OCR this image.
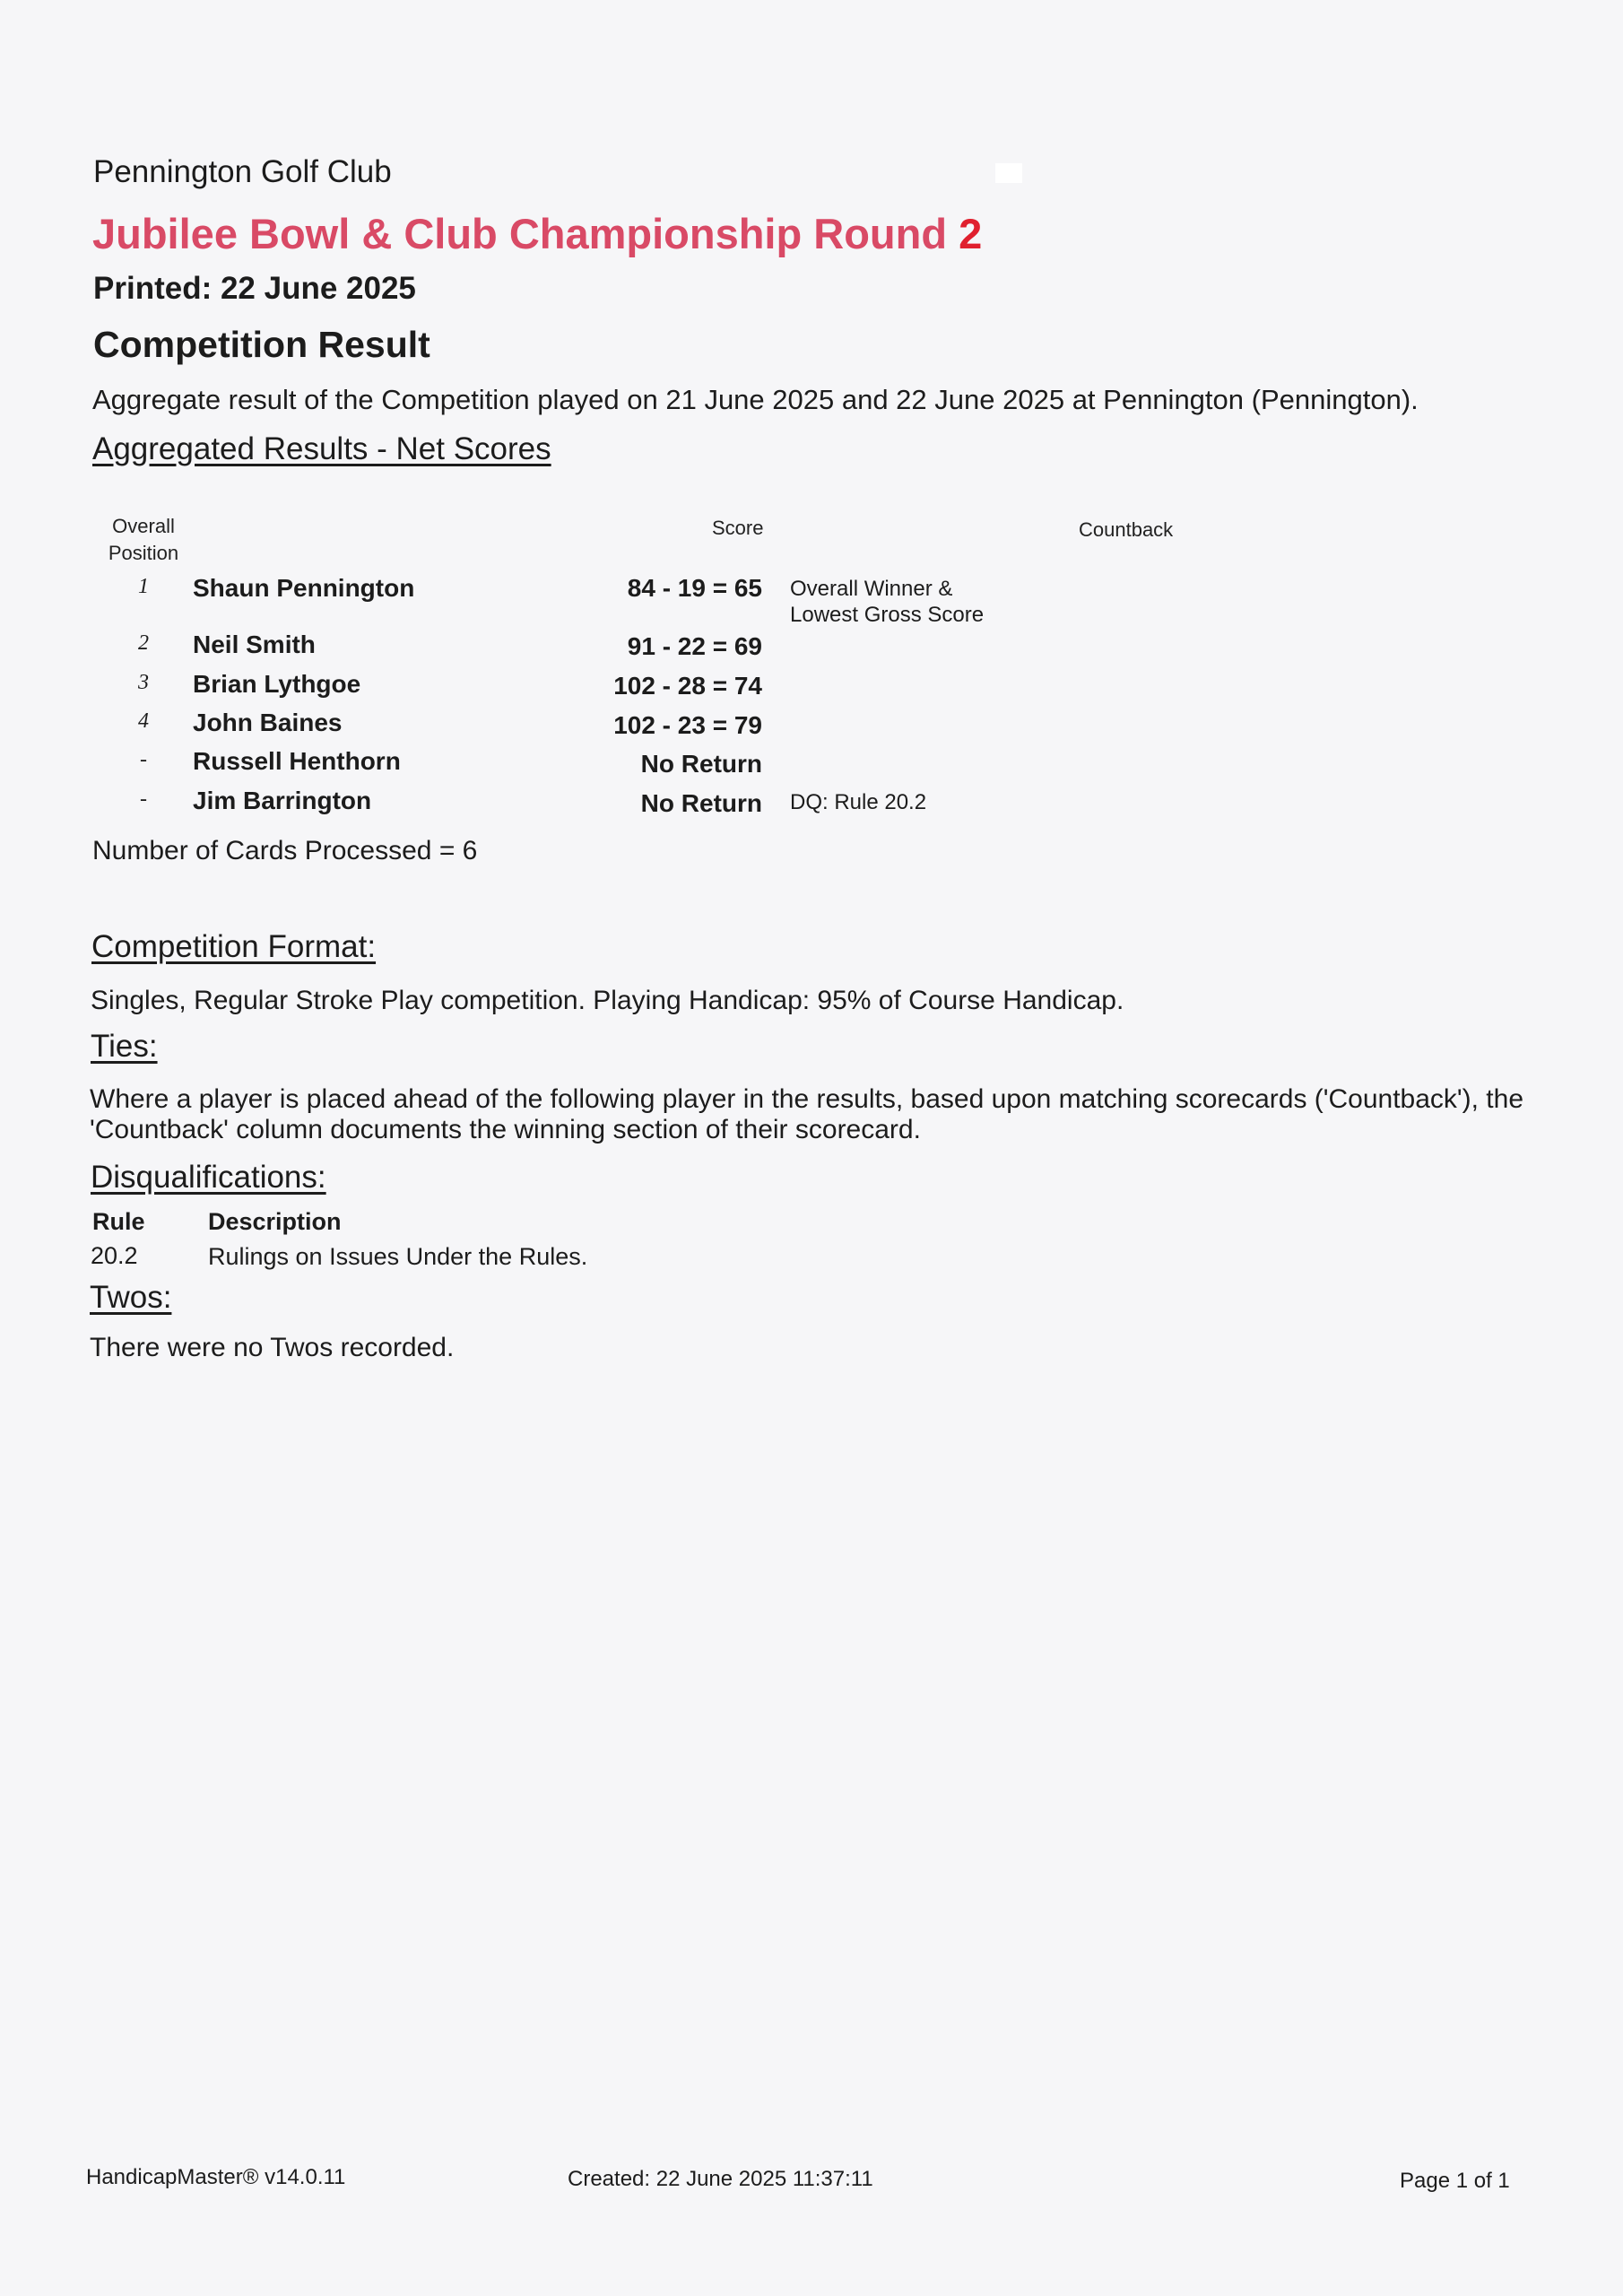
Pennington Golf Club
Jubilee Bowl & Club Championship Round 2
Printed: 22 June 2025
Competition Result
Aggregate result of the Competition played on 21 June 2025 and 22 June 2025 at Pennington (Pennington).
Aggregated Results - Net Scores
Overall Position
Score	Countback
1 Shaun Pennington	84 - 19 = 65 Overall Winner & Lowest Gross Score
2 Neil Smith	91 - 22 = 69
3 Brian Lythgoe	102 - 28 = 74
4 John Baines	102 - 23 = 79
- Russell Henthorn	No Return
- Jim Barrington	No Return DQ: Rule 20.2
Number of Cards Processed = 6
Competition Format:
Singles, Regular Stroke Play competition. Playing Handicap: 95% of Course Handicap.
Ties:
Where a player is placed ahead of the following player in the results, based upon matching scorecards ('Countback'), the 'Countback' column documents the winning section of their scorecard.
Disqualifications:
Rule	Description
20.2	Rulings on Issues Under the Rules.
Twos:
There were no Twos recorded.
HandicapMaster® v14.0.11	Created: 22 June 2025 11:37:11	Page 1 of 1
